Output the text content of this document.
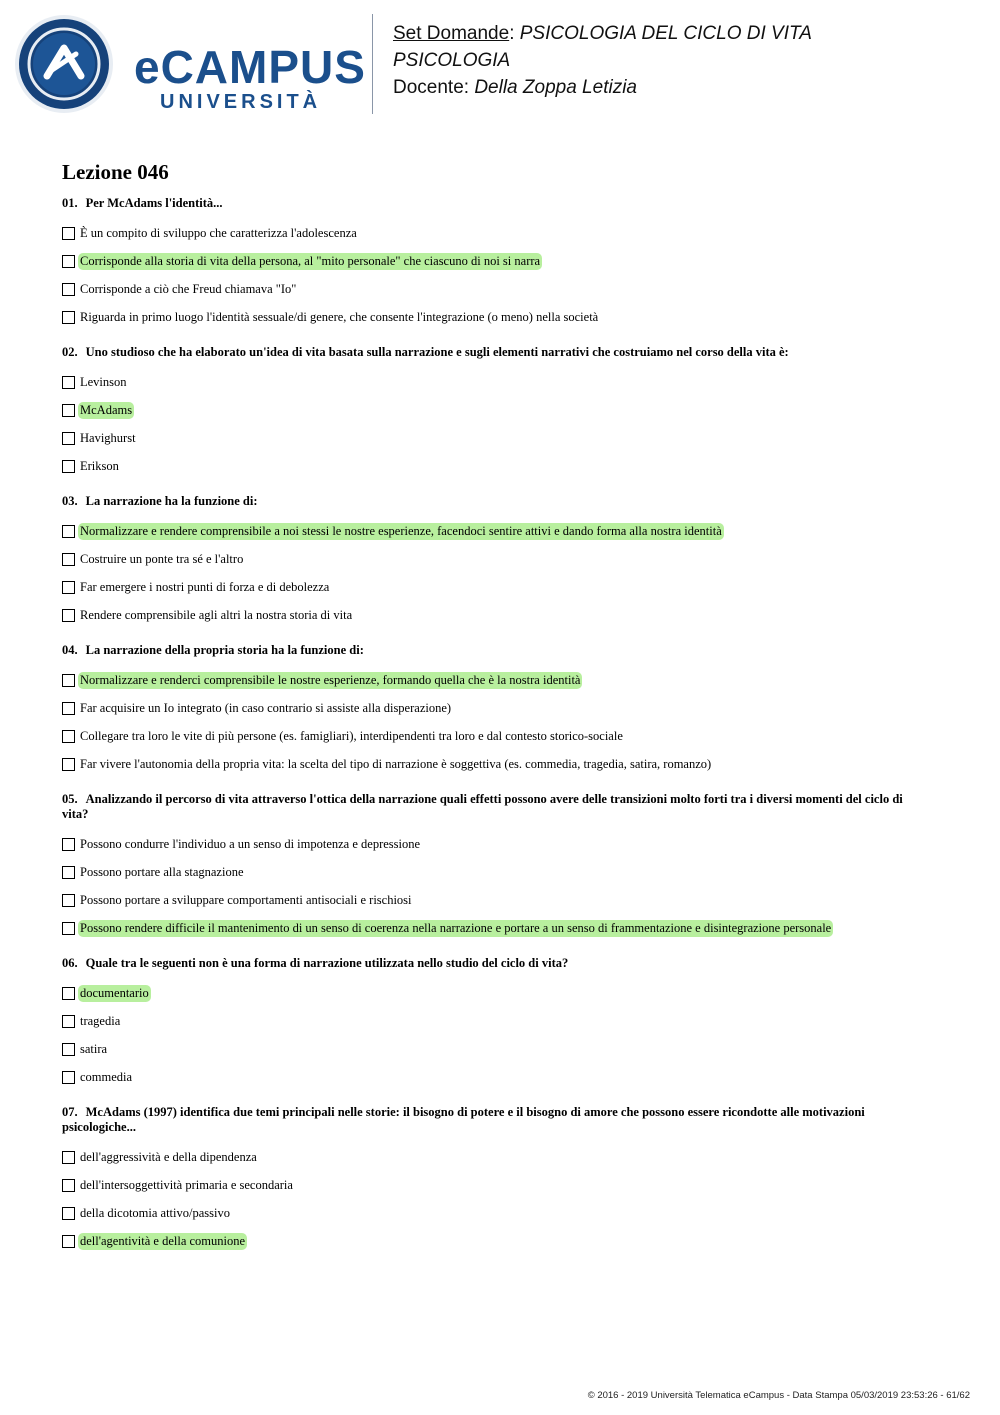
eCAMPUS
UNIVERSITÀ
Set Domande: PSICOLOGIA DEL CICLO DI VITA
PSICOLOGIA
Docente: Della Zoppa Letizia
Lezione 046
01. Per McAdams l'identità...
È un compito di sviluppo che caratterizza l'adolescenza
Corrisponde alla storia di vita della persona, al "mito personale" che ciascuno di noi si narra
Corrisponde a ciò che Freud chiamava "Io"
Riguarda in primo luogo l'identità sessuale/di genere, che consente l'integrazione (o meno) nella società
02. Uno studioso che ha elaborato un'idea di vita basata sulla narrazione e sugli elementi narrativi che costruiamo nel corso della vita è:
Levinson
McAdams
Havighurst
Erikson
03. La narrazione ha la funzione di:
Normalizzare e rendere comprensibile a noi stessi le nostre esperienze, facendoci sentire attivi e dando forma alla nostra identità
Costruire un ponte tra sé e l'altro
Far emergere i nostri punti di forza e di debolezza
Rendere comprensibile agli altri la nostra storia di vita
04. La narrazione della propria storia ha la funzione di:
Normalizzare e renderci comprensibile le nostre esperienze, formando quella che è la nostra identità
Far acquisire un Io integrato (in caso contrario si assiste alla disperazione)
Collegare tra loro le vite di più persone (es. famigliari), interdipendenti tra loro e dal contesto storico-sociale
Far vivere l'autonomia della propria vita: la scelta del tipo di narrazione è soggettiva (es. commedia, tragedia, satira, romanzo)
05. Analizzando il percorso di vita attraverso l'ottica della narrazione quali effetti possono avere delle transizioni molto forti tra i diversi momenti del ciclo di vita?
Possono condurre l'individuo a un senso di impotenza e depressione
Possono portare alla stagnazione
Possono portare a sviluppare comportamenti antisociali e rischiosi
Possono rendere difficile il mantenimento di un senso di coerenza nella narrazione e portare a un senso di frammentazione e disintegrazione personale
06. Quale tra le seguenti non è una forma di narrazione utilizzata nello studio del ciclo di vita?
documentario
tragedia
satira
commedia
07. McAdams (1997) identifica due temi principali nelle storie: il bisogno di potere e il bisogno di amore che possono essere ricondotte alle motivazioni psicologiche...
dell'aggressività e della dipendenza
dell'intersoggettività primaria e secondaria
della dicotomia attivo/passivo
dell'agentività e della comunione
© 2016 - 2019 Università Telematica eCampus - Data Stampa 05/03/2019 23:53:26 - 61/62
